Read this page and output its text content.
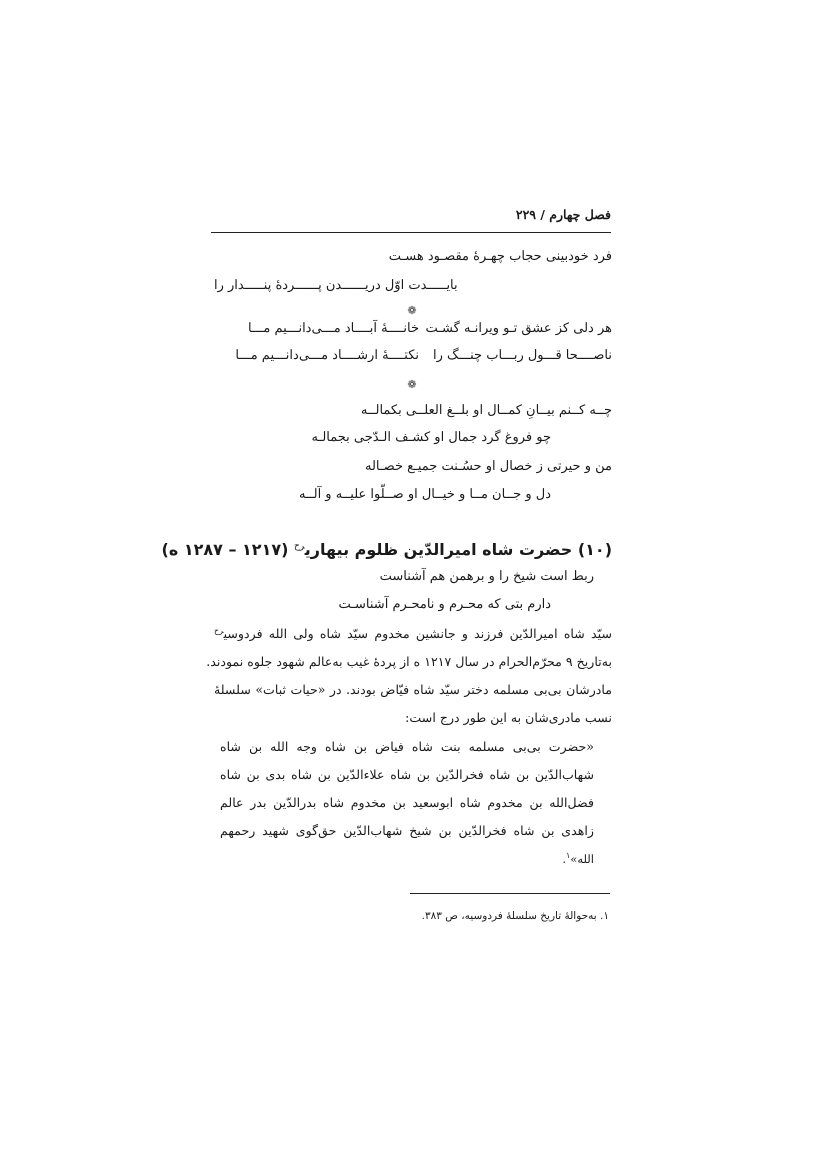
فصل چهارم / ۲۲۹
فرد خودبینی حجاب چهـرهٔ مقصـود هسـت
بایـــــدت اوّل دریــــــدن پــــــردهٔ پنـــــدار را
❁
هر دلی کز عشق تـو ویرانـه گشـت
خانــــهٔ آبــــاد مـــی‌دانـــیم مـــا
ناصــــحا قـــول ربـــاب چنـــگ را
نکتــــهٔ ارشــــاد مـــی‌دانـــیم مـــا
❁
چــه کــنم بیــانِ کمــال او بلــغ العلــی بکمالــه
چو فروغ گرد جمال او کشـف الـدّجی بجمالـه
من و حیرتی ز خصال او حسُـنت جمیـع خصـاله
دل و جــان مــا و خیــال او صــلّوا علیــه و آلــه
(۱۰) حضرت شاه امیرالدّین ظلوم بیهاری$^{رح}$ (۱۲۱۷ – ۱۲۸۷ ه)
ربط است شیخ را و برهمن هم آشناست
دارم بتی که محـرم و نامحـرم آشناسـت
سیّد شاه امیرالدّین فرزند و جانشین مخدوم سیّد شاه ولی الله فردوسی$^{رح}$
به‌تاریخ ۹ محرّم‌الحرام در سال ۱۲۱۷ ه از پردهٔ غیب به‌عالم شهود جلوه نمودند.
مادرشان بی‌بی مسلمه دختر سیّد شاه فیّاض بودند. در «حیات ثبات» سلسلهٔ
نسب مادری‌شان به این طور درج است:
«حضرت بی‌بی مسلمه بنت شاه فیاض بن شاه وجه الله بن شاه
شهاب‌الدّین بن شاه فخرالدّین بن شاه علاءالدّین بن شاه بدی بن شاه
فضل‌الله بن مخدوم شاه ابوسعید بن مخدوم شاه بدرالدّین بدر عالم
زاهدی بن شاه فخرالدّین بن شیخ شهاب‌الدّین حق‌گوی شهید رحمهم
الله»$^۱$.
۱. به‌حوالهٔ تاریخ سلسلهٔ فردوسیه، ص ۳۸۳.
